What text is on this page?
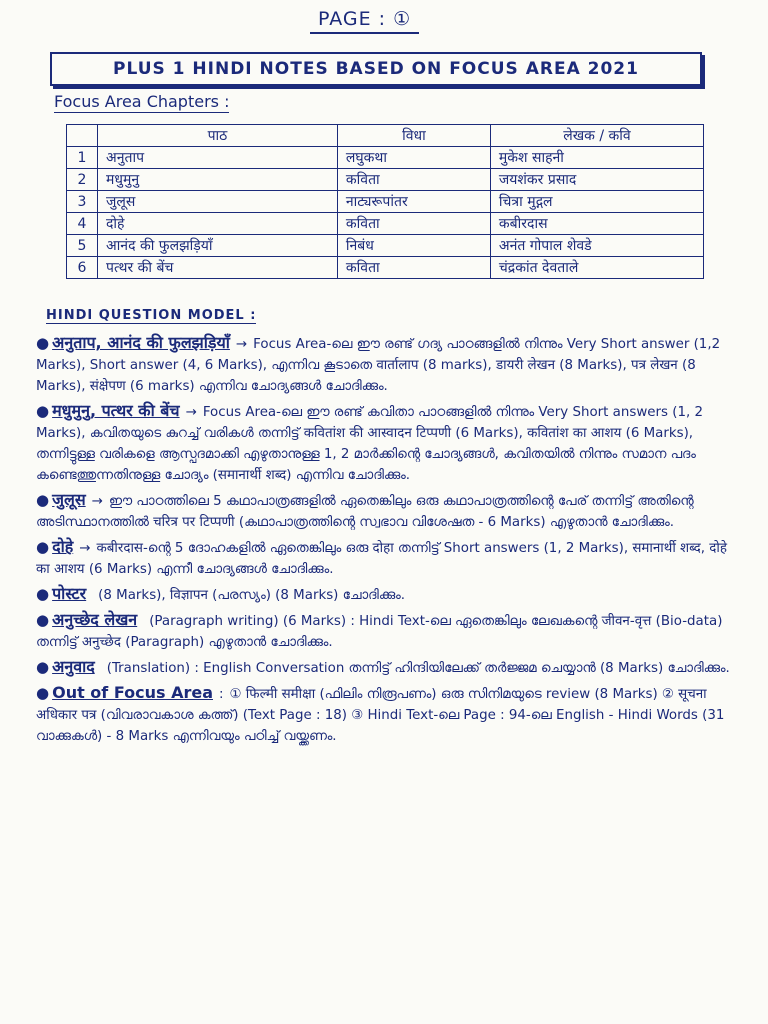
PAGE : ①
PLUS 1 HINDI NOTES BASED ON FOCUS AREA 2021
Focus Area Chapters :
	पाठ	विधा	लेखक / कवि
1	अनुताप	लघुकथा	मुकेश साहनी
2	मधुमुनु	कविता	जयशंकर प्रसाद
3	जुलूस	नाट्यरूपांतर	चित्रा मुद्गल
4	दोहे	कविता	कबीरदास
5	आनंद की फुलझड़ियाँ	निबंध	अनंत गोपाल शेवडे
6	पत्थर की बेंच	कविता	चंद्रकांत देवताले
HINDI QUESTION MODEL :
● अनुताप, आनंद की फुलझड़ियाँ → Focus Area-ലെ ഈ രണ്ട് ഗദ്യ പാഠങ്ങളിൽ നിന്നും Very Short answer (1,2 Marks), Short answer (4, 6 Marks), എന്നിവ കൂടാതെ वार्तालाप (8 marks), डायरी लेखन (8 Marks), पत्र लेखन (8 Marks), संक्षेपण (6 marks) എന്നിവ ചോദ്യങ്ങൾ ചോദിക്കും.
● मधुमुनु, पत्थर की बेंच → Focus Area-ലെ ഈ രണ്ട് കവിതാ പാഠങ്ങളിൽ നിന്നും Very Short answers (1, 2 Marks), കവിതയുടെ കുറച്ച് വരികൾ തന്നിട്ട് कवितांश की आस्वादन टिप्पणी (6 Marks), कवितांश का आशय (6 Marks), തന്നിട്ടുള്ള വരികളെ ആസ്പദമാക്കി എഴുതാനുള്ള 1, 2 മാർക്കിന്റെ ചോദ്യങ്ങൾ, കവിതയിൽ നിന്നും സമാന പദം കണ്ടെത്തുന്നതിനുള്ള ചോദ്യം (समानार्थी शब्द) എന്നിവ ചോദിക്കും.
● जुलूस → ഈ പാഠത്തിലെ 5 കഥാപാത്രങ്ങളിൽ ഏതെങ്കിലും ഒരു കഥാപാത്രത്തിന്റെ പേര് തന്നിട്ട് അതിന്റെ അടിസ്ഥാനത്തിൽ चरित्र पर टिप्पणी (കഥാപാത്രത്തിന്റെ സ്വഭാവ വിശേഷത - 6 Marks) എഴുതാൻ ചോദിക്കും.
● दोहे → कबीरदास-ന്റെ 5 ദോഹകളിൽ ഏതെങ്കിലും ഒരു दोहा തന്നിട്ട് Short answers (1, 2 Marks), समानार्थी शब्द, दोहे का आशय (6 Marks) എന്നീ ചോദ്യങ്ങൾ ചോദിക്കും.
● पोस्टर (8 Marks), विज्ञापन (പരസ്യം) (8 Marks) ചോദിക്കും.
● अनुच्छेद लेखन (Paragraph writing) (6 Marks) : Hindi Text-ലെ ഏതെങ്കിലും ലേഖകന്റെ जीवन-वृत्त (Bio-data) തന്നിട്ട് अनुच्छेद (Paragraph) എഴുതാൻ ചോദിക്കും.
● अनुवाद (Translation) : English Conversation തന്നിട്ട് ഹിന്ദിയിലേക്ക് തർജ്ജമ ചെയ്യാൻ (8 Marks) ചോദിക്കും.
● Out of Focus Area : ① फिल्मी समीक्षा (ഫിലിം നിരൂപണം) ഒരു സിനിമയുടെ review (8 Marks) ② सूचना अधिकार पत्र (വിവരാവകാശ കത്ത്) (Text Page : 18) ③ Hindi Text-ലെ Page : 94-ലെ English - Hindi Words (31 വാക്കുകൾ) - 8 Marks എന്നിവയും പഠിച്ച് വയ്ക്കണം.
